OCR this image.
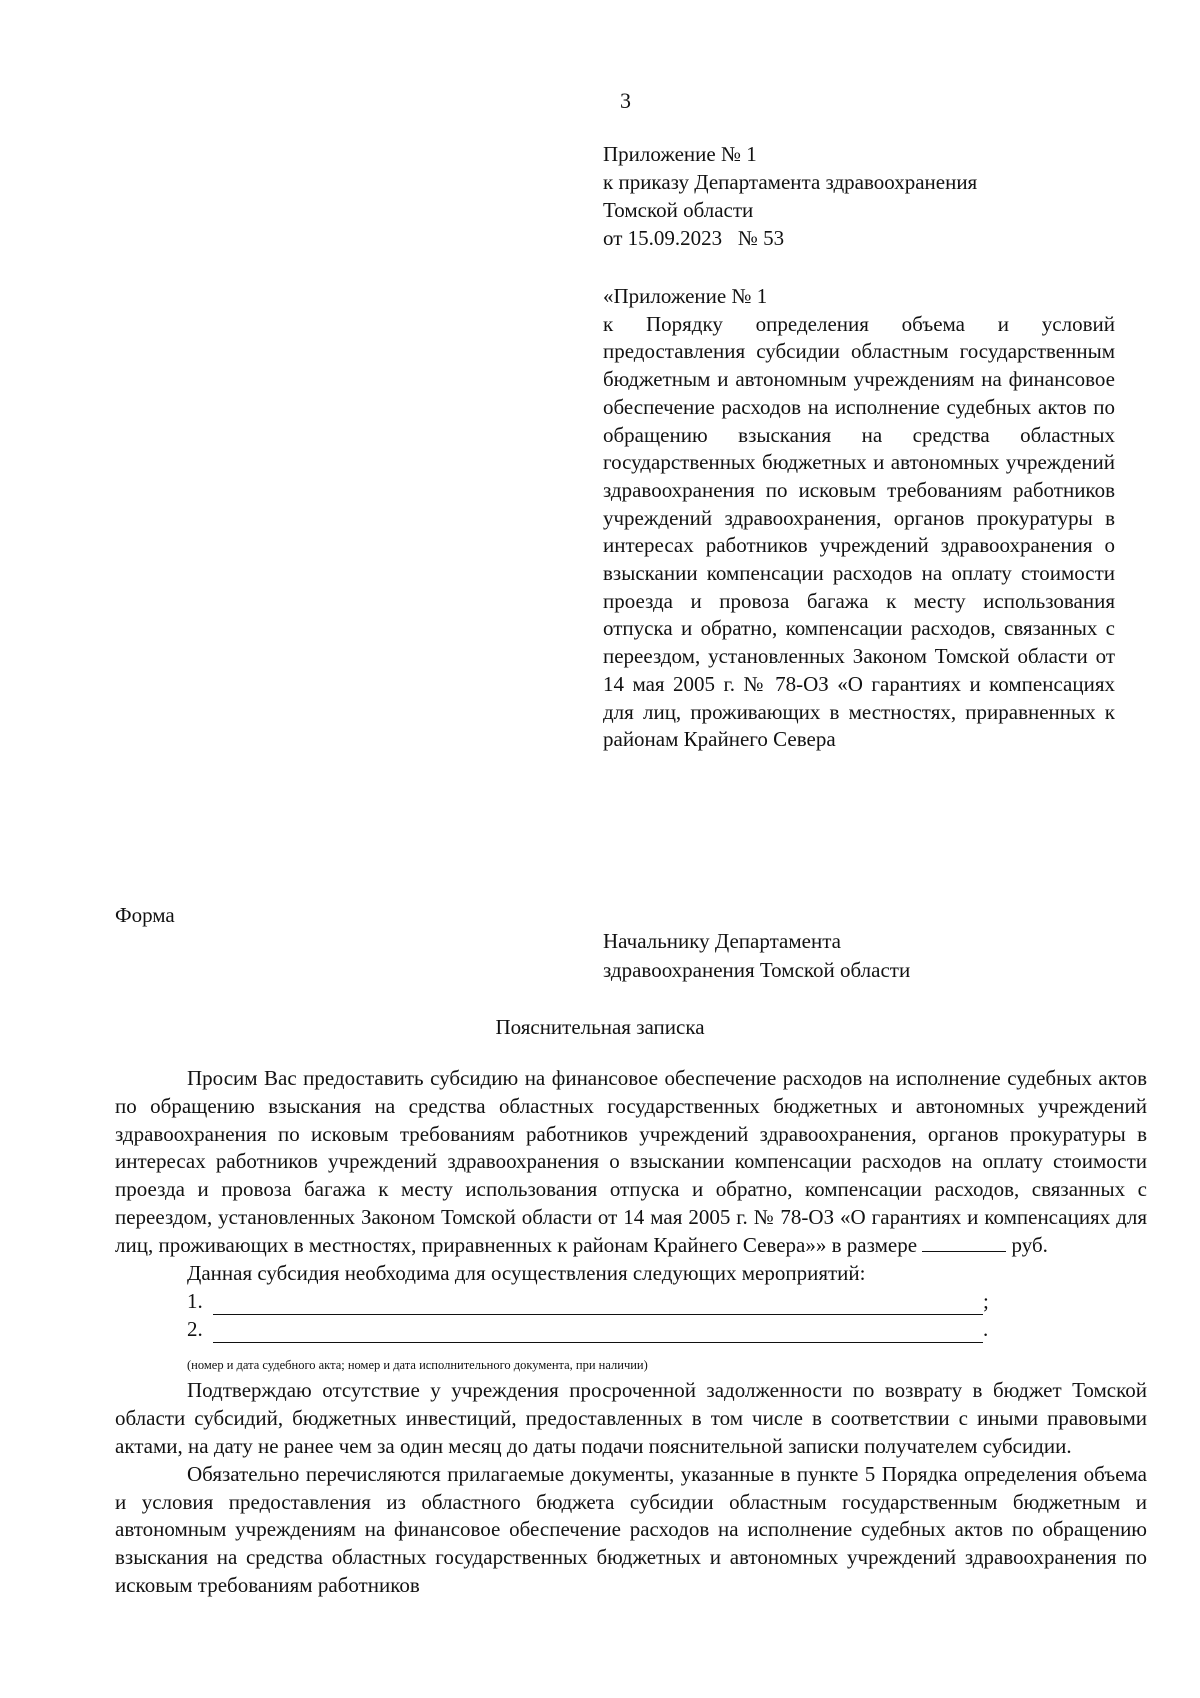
3
Приложение № 1
к приказу Департамента здравоохранения
Томской области
от 15.09.2023   № 53
«Приложение № 1
к Порядку определения объема и условий предоставления субсидии областным государственным бюджетным и автономным учреждениям на финансовое обеспечение расходов на исполнение судебных актов по обращению взыскания на средства областных государственных бюджетных и автономных учреждений здравоохранения по исковым требованиям работников учреждений здравоохранения, органов прокуратуры в интересах работников учреждений здравоохранения о взыскании компенсации расходов на оплату стоимости проезда и провоза багажа к месту использования отпуска и обратно, компенсации расходов, связанных с переездом, установленных Законом Томской области от 14 мая 2005 г. № 78-ОЗ «О гарантиях и компенсациях для лиц, проживающих в местностях, приравненных к районам Крайнего Севера
Форма
Начальнику Департамента
здравоохранения Томской области
Пояснительная записка

Просим Вас предоставить субсидию на финансовое обеспечение расходов на исполнение судебных актов по обращению взыскания на средства областных государственных бюджетных и автономных учреждений здравоохранения по исковым требованиям работников учреждений здравоохранения, органов прокуратуры в интересах работников учреждений здравоохранения о взыскании компенсации расходов на оплату стоимости проезда и провоза багажа к месту использования отпуска и обратно, компенсации расходов, связанных с переездом, установленных Законом Томской области от 14 мая 2005 г. № 78-ОЗ «О гарантиях и компенсациях для лиц, проживающих в местностях, приравненных к районам Крайнего Севера»» в размере	руб.

Данная субсидия необходима для осуществления следующих мероприятий:

1.	;
2.	.
(номер и дата судебного акта; номер и дата исполнительного документа, при наличии)

Подтверждаю отсутствие у учреждения просроченной задолженности по возврату в бюджет Томской области субсидий, бюджетных инвестиций, предоставленных в том числе в соответствии с иными правовыми актами, на дату не ранее чем за один месяц до даты подачи пояснительной записки получателем субсидии.

Обязательно перечисляются прилагаемые документы, указанные в пункте 5 Порядка определения объема и условия предоставления из областного бюджета субсидии областным государственным бюджетным и автономным учреждениям на финансовое обеспечение расходов на исполнение судебных актов по обращению взыскания на средства областных государственных бюджетных и автономных учреждений здравоохранения по исковым требованиям работников
